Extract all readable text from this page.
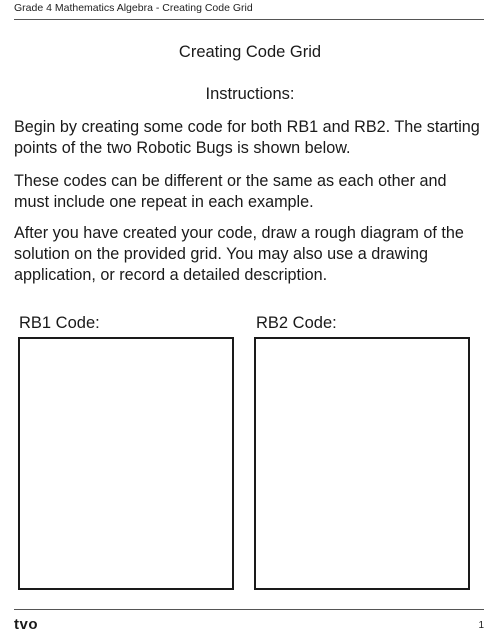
Grade 4 Mathematics Algebra - Creating Code Grid
Creating Code Grid
Instructions:

Begin by creating some code for both RB1 and RB2. The starting points of the two Robotic Bugs is shown below.

These codes can be different or the same as each other and must include one repeat in each example.

After you have created your code, draw a rough diagram of the solution on the provided grid. You may also use a drawing application, or record a detailed description.

RB1 Code:	RB2 Code:
tvo	1
